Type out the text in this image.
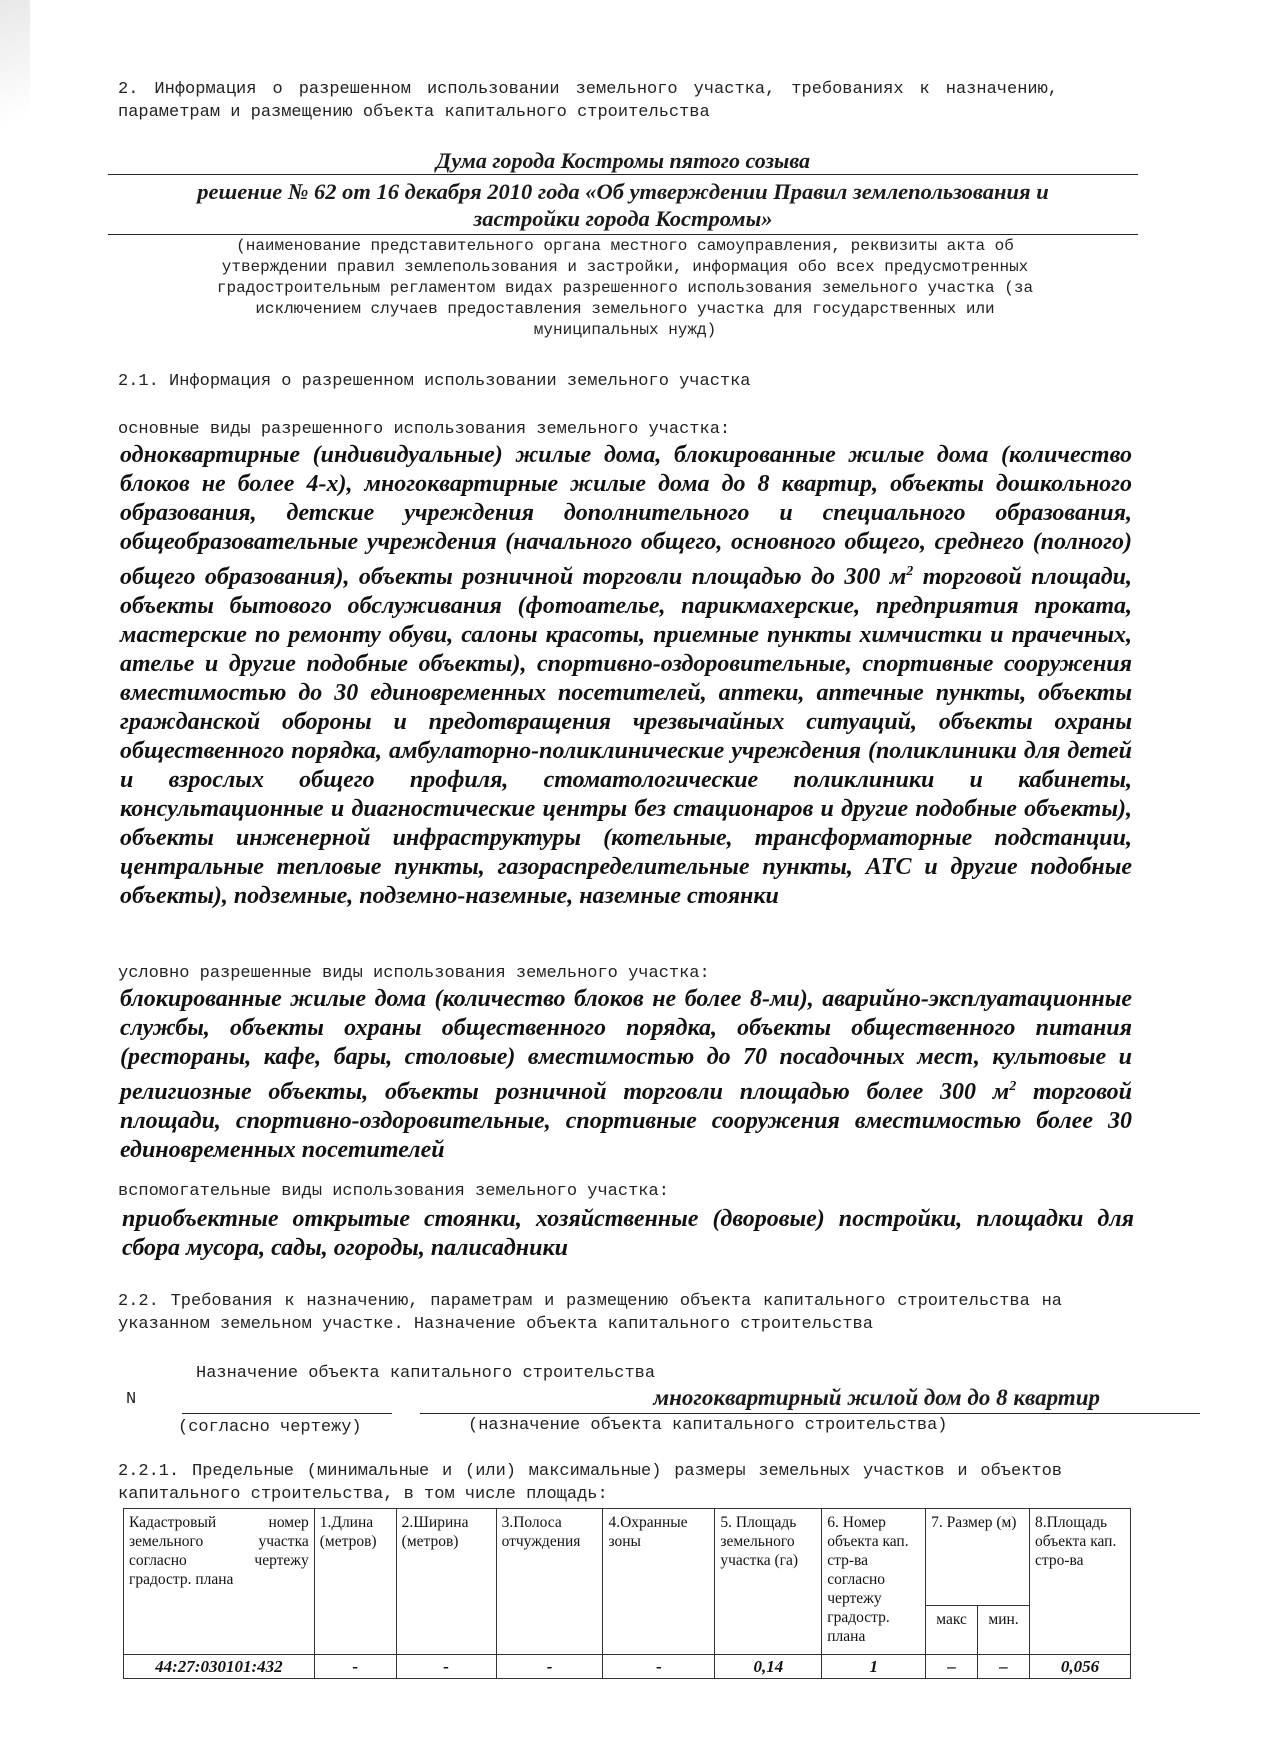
2. Информация о разрешенном использовании земельного участка, требованиях к назначению, параметрам и размещению объекта капитального строительства
Дума города Костромы пятого созыва
решение № 62 от 16 декабря 2010 года «Об утверждении Правил землепользования и
застройки города Костромы»
(наименование представительного органа местного самоуправления, реквизиты акта об утверждении правил землепользования и застройки, информация обо всех предусмотренных градостроительным регламентом видах разрешенного использования земельного участка (за исключением случаев предоставления земельного участка для государственных или муниципальных нужд)
2.1. Информация о разрешенном использовании земельного участка
основные виды разрешенного использования земельного участка:
одноквартирные (индивидуальные) жилые дома, блокированные жилые дома (количество блоков не более 4-х), многоквартирные жилые дома до 8 квартир, объекты дошкольного образования, детские учреждения дополнительного и специального образования, общеобразовательные учреждения (начального общего, основного общего, среднего (полного) общего образования), объекты розничной торговли площадью до 300 $м^2$ торговой площади, объекты бытового обслуживания (фотоателье, парикмахерские, предприятия проката, мастерские по ремонту обуви, салоны красоты, приемные пункты химчистки и прачечных, ателье и другие подобные объекты), спортивно-оздоровительные, спортивные сооружения вместимостью до 30 единовременных посетителей, аптеки, аптечные пункты, объекты гражданской обороны и предотвращения чрезвычайных ситуаций, объекты охраны общественного порядка, амбулаторно-поликлинические учреждения (поликлиники для детей и взрослых общего профиля, стоматологические поликлиники и кабинеты, консультационные и диагностические центры без стационаров и другие подобные объекты), объекты инженерной инфраструктуры (котельные, трансформаторные подстанции, центральные тепловые пункты, газораспределительные пункты, АТС и другие подобные объекты), подземные, подземно-наземные, наземные стоянки
условно разрешенные виды использования земельного участка:
блокированные жилые дома (количество блоков не более 8-ми), аварийно-эксплуатационные службы, объекты охраны общественного порядка, объекты общественного питания (рестораны, кафе, бары, столовые) вместимостью до 70 посадочных мест, культовые и религиозные объекты, объекты розничной торговли площадью более 300 $м^2$ торговой площади, спортивно-оздоровительные, спортивные сооружения вместимостью более 30 единовременных посетителей
вспомогательные виды использования земельного участка:
приобъектные открытые стоянки, хозяйственные (дворовые) постройки, площадки для сбора мусора, сады, огороды, палисадники
2.2. Требования к назначению, параметрам и размещению объекта капитального строительства на указанном земельном участке. Назначение объекта капитального строительства
Назначение объекта капитального строительства
N	многоквартирный жилой дом до 8 квартир
(согласно чертежу)	(назначение объекта капитального строительства)
2.2.1. Предельные (минимальные и (или) максимальные) размеры земельных участков и объектов капитального строительства, в том числе площадь:
Кадастровый номер земельного участка согласно чертежу градостр. плана	1.Длина (метров)	2.Ширина (метров)	3.Полоса отчуждения	4.Охранные зоны	5. Площадь земельного участка (га)	6. Номер объекта кап. стр-ва согласно чертежу градостр. плана	7. Размер (м)		8.Площадь объекта кап. стро-ва
							макс	мин.	
44:27:030101:432	-	-	-	-	0,14	1	–	–	0,056
